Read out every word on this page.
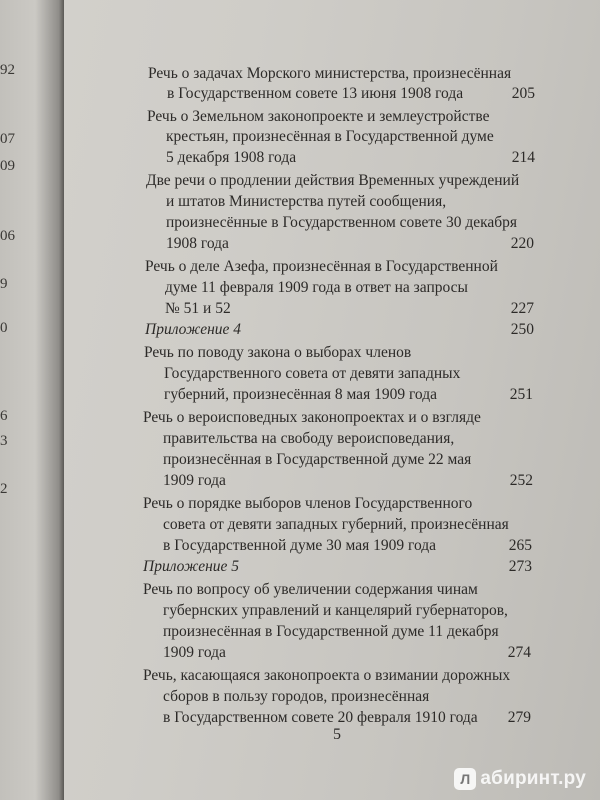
92
07
09
06
9
0
6
3
2
Речь о задачах Морского министерства, произнесённая
в Государственном совете 13 июня 1908 года	205
Речь о Земельном законопроекте и землеустройстве
крестьян, произнесённая в Государственной думе
5 декабря 1908 года	214
Две речи о продлении действия Временных учреждений
и штатов Министерства путей сообщения,
произнесённые в Государственном совете 30 декабря
1908 года	220
Речь о деле Азефа, произнесённая в Государственной
думе 11 февраля 1909 года в ответ на запросы
№ 51 и 52	227
Приложение 4	250
Речь по поводу закона о выборах членов
Государственного совета от девяти западных
губерний, произнесённая 8 мая 1909 года	251
Речь о вероисповедных законопроектах и о взгляде
правительства на свободу вероисповедания,
произнесённая в Государственной думе 22 мая
1909 года	252
Речь о порядке выборов членов Государственного
совета от девяти западных губерний, произнесённая
в Государственной думе 30 мая 1909 года	265
Приложение 5	273
Речь по вопросу об увеличении содержания чинам
губернских управлений и канцелярий губернаторов,
произнесённая в Государственной думе 11 декабря
1909 года	274
Речь, касающаяся законопроекта о взимании дорожных
сборов в пользу городов, произнесённая
в Государственном совете 20 февраля 1910 года	279
5
Л абиринт.ру
